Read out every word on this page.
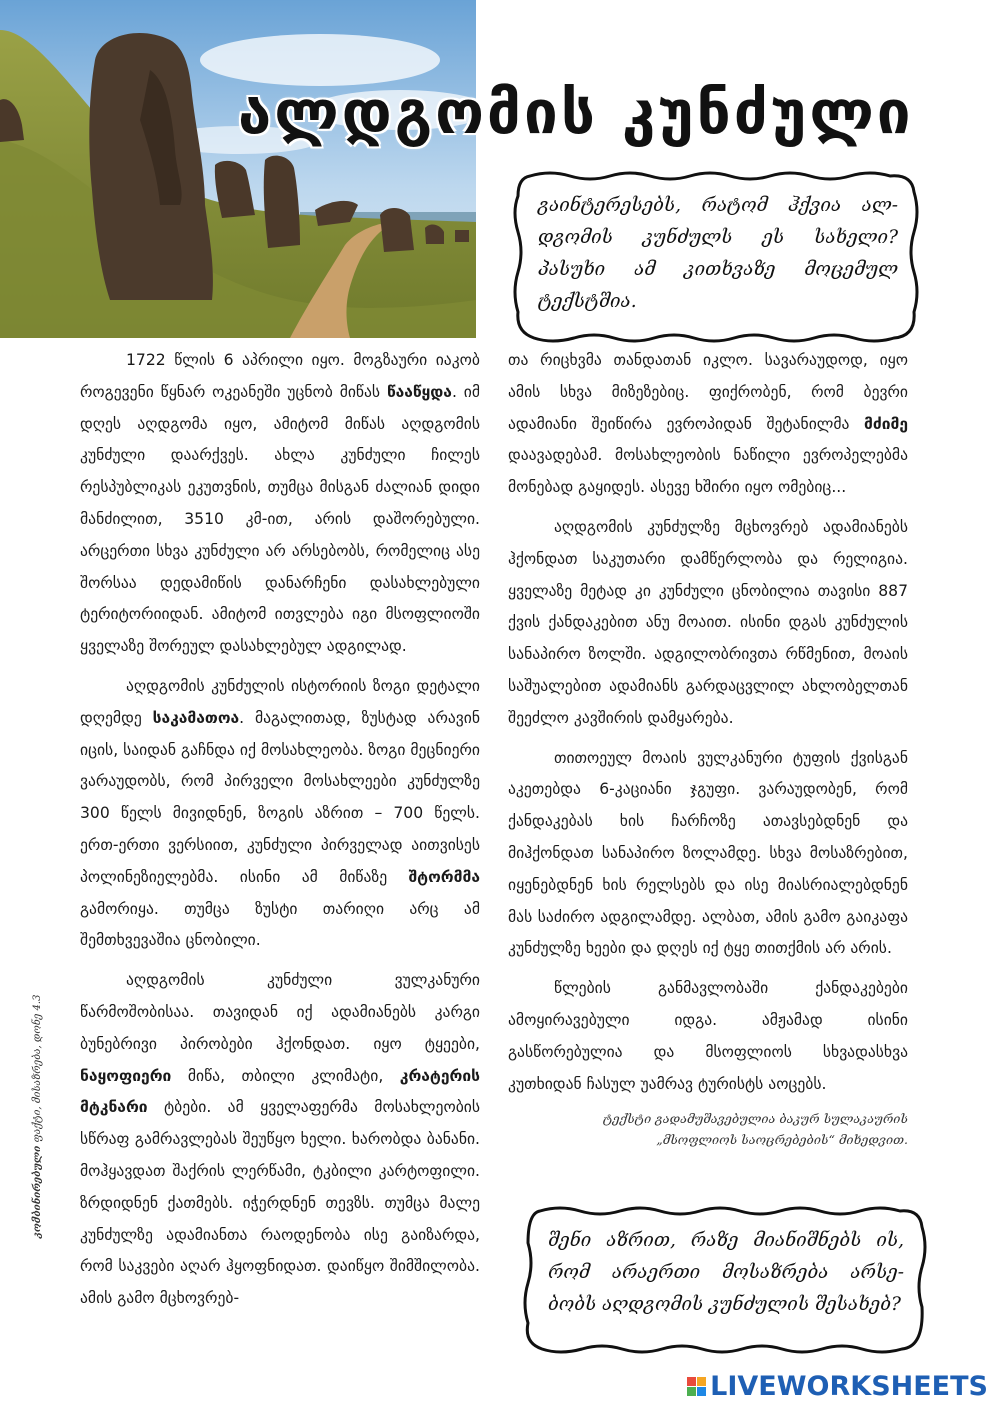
ალდგომის კუნძული
გაინტერესებს, რატომ ჰქვია ალ-დგომის კუნძულს ეს სახელი? პასუხი ამ კითხვაზე მოცემულ ტექსტშია.

1722 წლის 6 აპრილი იყო. მოგზაური იაკობ როგევენი წყნარ ოკეანეში უცნობ მიწას წააწყდა. იმ დღეს აღდგომა იყო, ამიტომ მიწას აღდგომის კუნძული დაარქვეს. ახლა კუნძული ჩილეს რესპუბლიკას ეკუთვნის, თუმცა მისგან ძალიან დიდი მანძილით, 3510 კმ-ით, არის დაშორებული. არცერთი სხვა კუნძული არ არსებობს, რომელიც ასე შორსაა დედამიწის დანარჩენი დასახლებული ტერიტორიიდან. ამიტომ ითვლება იგი მსოფლიოში ყველაზე შორეულ დასახლებულ ადგილად.

აღდგომის კუნძულის ისტორიის ზოგი დეტალი დღემდე საკამათოა. მაგალითად, ზუსტად არავინ იცის, საიდან გაჩნდა იქ მოსახლეობა. ზოგი მეცნიერი ვარაუდობს, რომ პირველი მოსახლეები კუნძულზე 300 წელს მივიდნენ, ზოგის აზრით – 700 წელს. ერთ-ერთი ვერსიით, კუნძული პირველად აითვისეს პოლინეზიელებმა. ისინი ამ მიწაზე შტორმმა გამორიყა. თუმცა ზუსტი თარიღი არც ამ შემთხვევაშია ცნობილი.

აღდგომის კუნძული ვულკანური წარმოშობისაა. თავიდან იქ ადამიანებს კარგი ბუნებრივი პირობები ჰქონდათ. იყო ტყეები, ნაყოფიერი მიწა, თბილი კლიმატი, კრატერის მტკნარი ტბები. ამ ყველაფერმა მოსახლეობის სწრაფ გამრავლებას შეუწყო ხელი. ხარობდა ბანანი. მოჰყავდათ შაქრის ლერწამი, ტკბილი კარტოფილი. ზრდიდნენ ქათმებს. იჭერდნენ თევზს. თუმცა მალე კუნძულზე ადამიანთა რაოდენობა ისე გაიზარდა, რომ საკვები აღარ ჰყოფნიდათ. დაიწყო შიმშილობა. ამის გამო მცხოვრებ-

თა რიცხვმა თანდათან იკლო. სავარაუდოდ, იყო ამის სხვა მიზეზებიც. ფიქრობენ, რომ ბევრი ადამიანი შეიწირა ევროპიდან შეტანილმა მძიმე დაავადებამ. მოსახლეობის ნაწილი ევროპელებმა მონებად გაყიდეს. ასევე ხშირი იყო ომებიც...

აღდგომის კუნძულზე მცხოვრებ ადამიანებს ჰქონდათ საკუთარი დამწერლობა და რელიგია. ყველაზე მეტად კი კუნძული ცნობილია თავისი 887 ქვის ქანდაკებით ანუ მოაით. ისინი დგას კუნძულის სანაპირო ზოლში. ადგილობრივთა რწმენით, მოაის საშუალებით ადამიანს გარდაცვლილ ახლობელთან შეეძლო კავშირის დამყარება.

თითოეულ მოაის ვულკანური ტუფის ქვისგან აკეთებდა 6-კაციანი ჯგუფი. ვარაუდობენ, რომ ქანდაკებას ხის ჩარჩოზე ათავსებდნენ და მიჰქონდათ სანაპირო ზოლამდე. სხვა მოსაზრებით, იყენებდნენ ხის რელსებს და ისე მიასრიალებდნენ მას საძირო ადგილამდე. ალბათ, ამის გამო გაიკაფა კუნძულზე ხეები და დღეს იქ ტყე თითქმის არ არის.

წლების განმავლობაში ქანდაკებები ამოყირავებული იდგა. ამჟამად ისინი გასწორებულია და მსოფლიოს სხვადასხვა კუთხიდან ჩასულ უამრავ ტურისტს აოცებს.

ტექსტი გადამუშავებულია ბაკურ სულაკაურის
„მსოფლიოს საოცრებების“ მიხედვით.
შენი აზრით, რაზე მიანიშნებს ის, რომ არაერთი მოსაზრება არსე-ბობს აღდგომის კუნძულის შესახებ?
კომბინირებული ფაქტი, მისაზრება, დონე 4.3
LIVEWORKSHEETS
